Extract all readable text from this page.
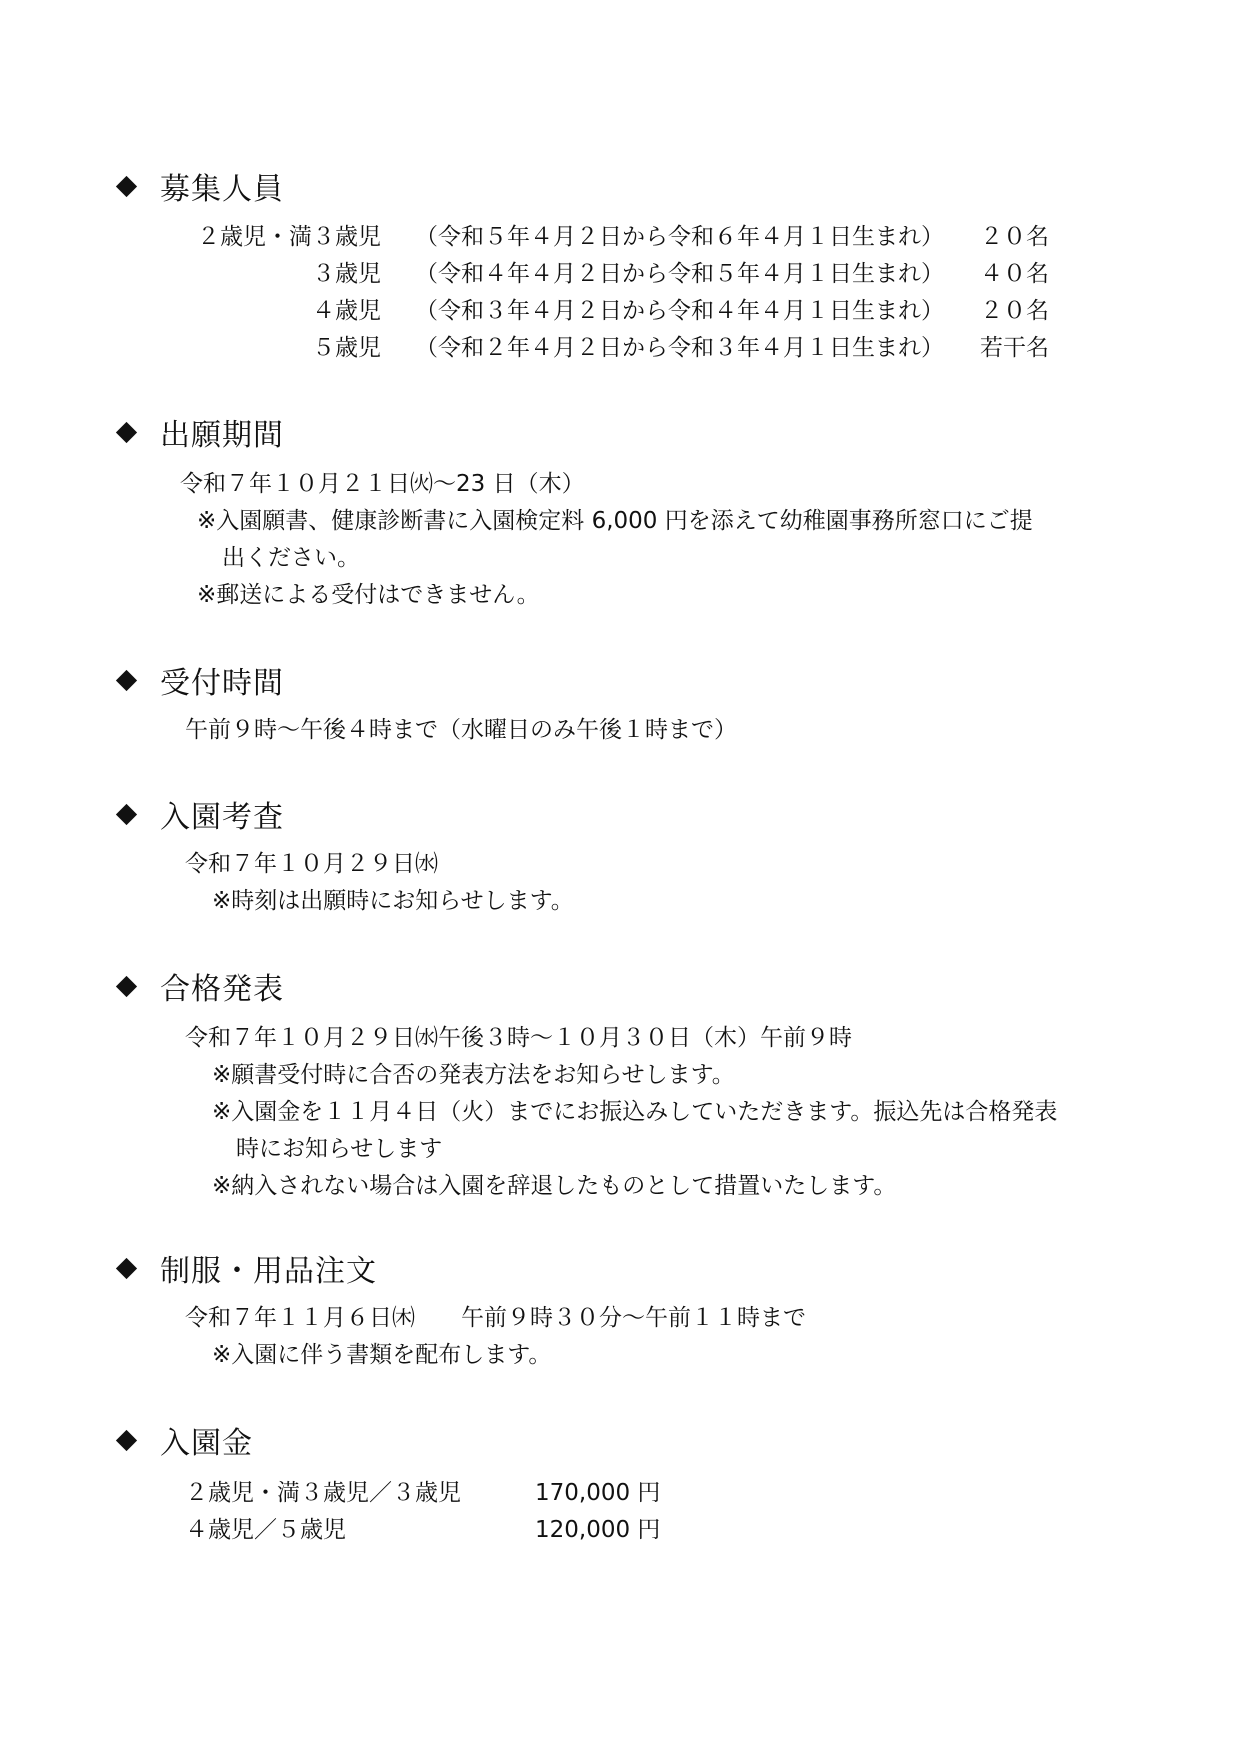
募集人員
２歳児・満３歳児 （令和５年４月２日から令和６年４月１日生まれ）	２０名
３歳児 （令和４年４月２日から令和５年４月１日生まれ）	４０名
４歳児 （令和３年４月２日から令和４年４月１日生まれ）	２０名
５歳児 （令和２年４月２日から令和３年４月１日生まれ）	若干名
出願期間
令和７年１０月２１日㈫～23 日（木）
※入園願書、健康診断書に入園検定料 6,000 円を添えて幼稚園事務所窓口にご提
出ください。
※郵送による受付はできません。
受付時間
午前９時～午後４時まで（水曜日のみ午後１時まで）
入園考査
令和７年１０月２９日㈬
※時刻は出願時にお知らせします。
合格発表
令和７年１０月２９日㈬午後３時～１０月３０日（木）午前９時
※願書受付時に合否の発表方法をお知らせします。
※入園金を１１月４日（火）までにお振込みしていただきます。振込先は合格発表
時にお知らせします
※納入されない場合は入園を辞退したものとして措置いたします。
制服・用品注文
令和７年１１月６日㈭　　午前９時３０分～午前１１時まで
※入園に伴う書類を配布します。
入園金
２歳児・満３歳児／３歳児	170,000 円
４歳児／５歳児	120,000 円
